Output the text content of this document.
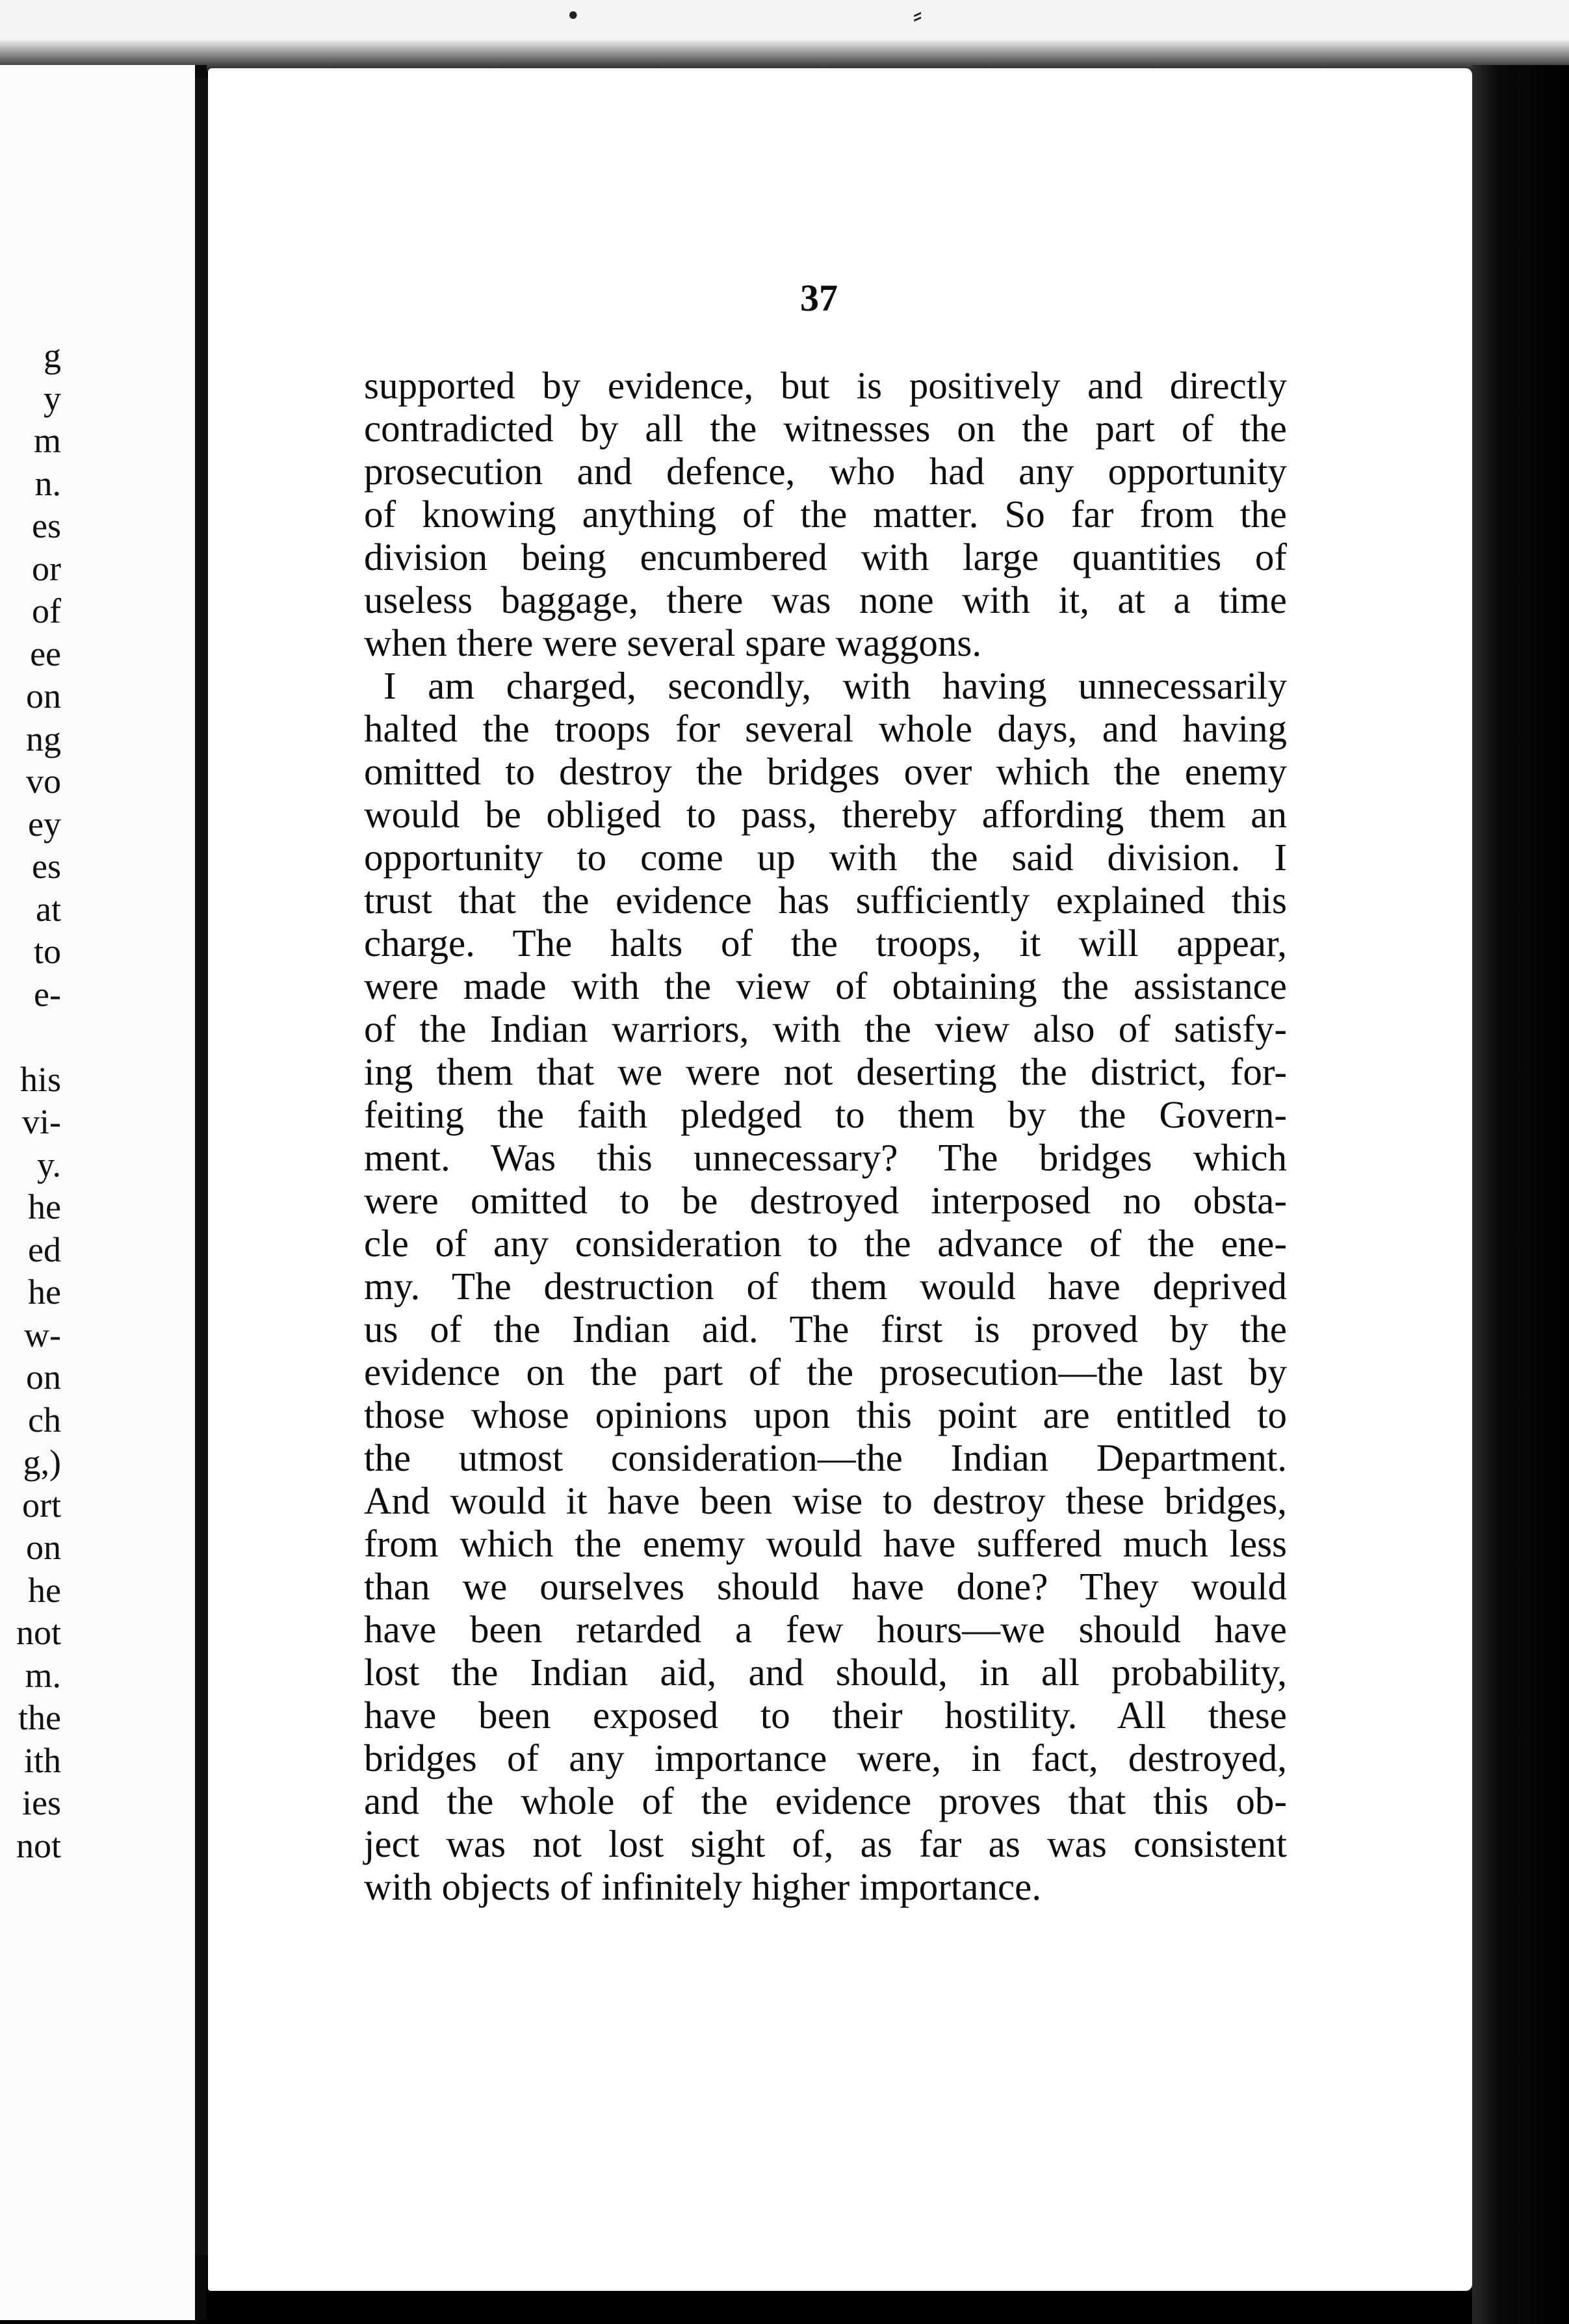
•	⸗
g
y
m
n.
es
or
of
ee
on
ng
vo
ey
es
at
to
e-
his
vi-
y.
he
ed
he
w-
on
ch
g,)
ort
on
he
not
m.
the
ith
ies
not
37
supported by evidence, but is positively and directly
contradicted by all the witnesses on the part of the
prosecution and defence, who had any opportunity
of knowing anything of the matter. So far from the
division being encumbered with large quantities of
useless baggage, there was none with it, at a time
when there were several spare waggons.
I am charged, secondly, with having unnecessarily
halted the troops for several whole days, and having
omitted to destroy the bridges over which the enemy
would be obliged to pass, thereby affording them an
opportunity to come up with the said division. I
trust that the evidence has sufficiently explained this
charge. The halts of the troops, it will appear,
were made with the view of obtaining the assistance
of the Indian warriors, with the view also of satisfy-
ing them that we were not deserting the district, for-
feiting the faith pledged to them by the Govern-
ment. Was this unnecessary? The bridges which
were omitted to be destroyed interposed no obsta-
cle of any consideration to the advance of the ene-
my. The destruction of them would have deprived
us of the Indian aid. The first is proved by the
evidence on the part of the prosecution—the last by
those whose opinions upon this point are entitled to
the utmost consideration—the Indian Department.
And would it have been wise to destroy these bridges,
from which the enemy would have suffered much less
than we ourselves should have done? They would
have been retarded a few hours—we should have
lost the Indian aid, and should, in all probability,
have been exposed to their hostility. All these
bridges of any importance were, in fact, destroyed,
and the whole of the evidence proves that this ob-
ject was not lost sight of, as far as was consistent
with objects of infinitely higher importance.
